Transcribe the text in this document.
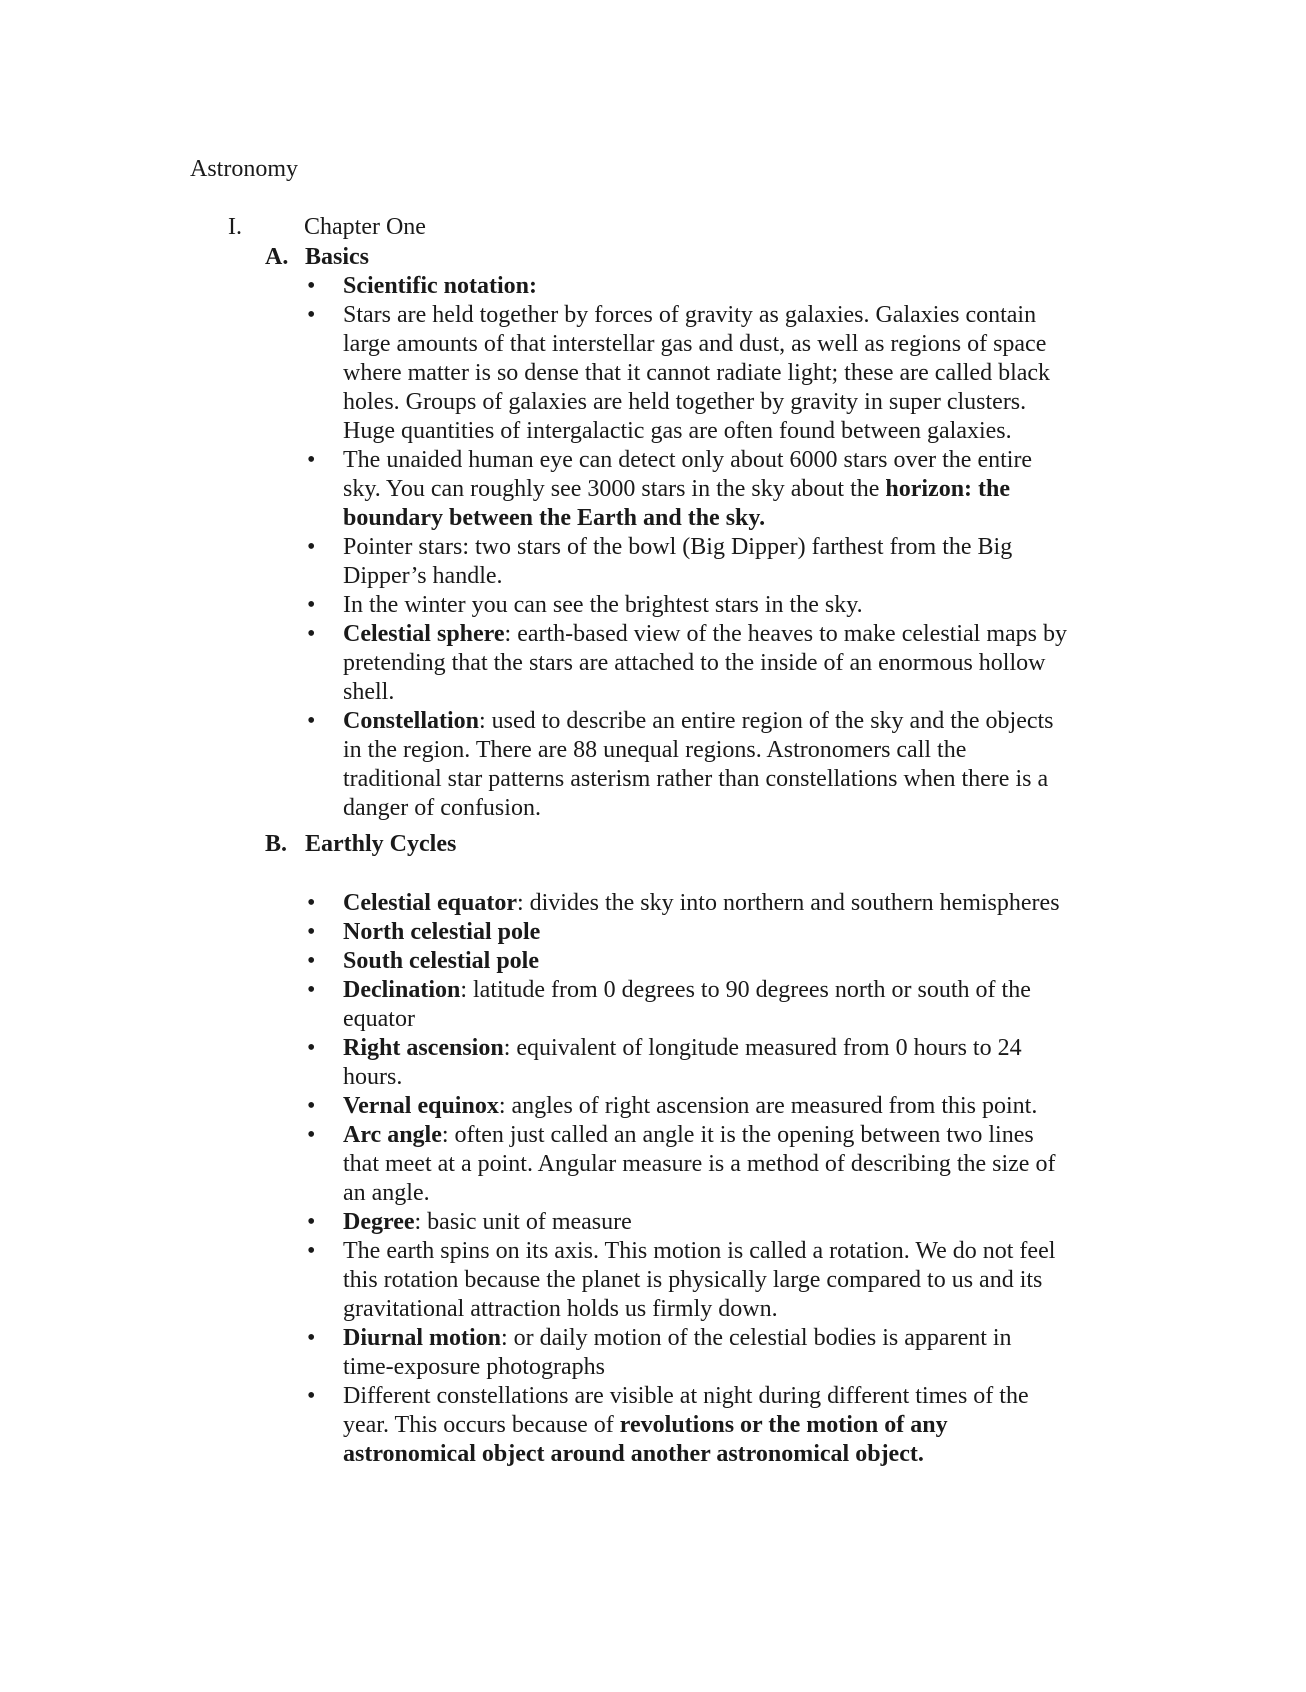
Astronomy
I.	Chapter One
A. Basics
•	Scientific notation:
•	Stars are held together by forces of gravity as galaxies. Galaxies contain large amounts of that interstellar gas and dust, as well as regions of space where matter is so dense that it cannot radiate light; these are called black holes. Groups of galaxies are held together by gravity in super clusters. Huge quantities of intergalactic gas are often found between galaxies.
•	The unaided human eye can detect only about 6000 stars over the entire sky. You can roughly see 3000 stars in the sky about the horizon: the boundary between the Earth and the sky.
•	Pointer stars: two stars of the bowl (Big Dipper) farthest from the Big Dipper’s handle.
•	In the winter you can see the brightest stars in the sky.
•	Celestial sphere: earth-based view of the heaves to make celestial maps by pretending that the stars are attached to the inside of an enormous hollow shell.
•	Constellation: used to describe an entire region of the sky and the objects in the region. There are 88 unequal regions. Astronomers call the traditional star patterns asterism rather than constellations when there is a danger of confusion.
B. Earthly Cycles
•	Celestial equator: divides the sky into northern and southern hemispheres
•	North celestial pole
•	South celestial pole
•	Declination: latitude from 0 degrees to 90 degrees north or south of the equator
•	Right ascension: equivalent of longitude measured from 0 hours to 24 hours.
•	Vernal equinox: angles of right ascension are measured from this point.
•	Arc angle: often just called an angle it is the opening between two lines that meet at a point. Angular measure is a method of describing the size of an angle.
•	Degree: basic unit of measure
•	The earth spins on its axis. This motion is called a rotation. We do not feel this rotation because the planet is physically large compared to us and its gravitational attraction holds us firmly down.
•	Diurnal motion: or daily motion of the celestial bodies is apparent in time-exposure photographs
•	Different constellations are visible at night during different times of the year. This occurs because of revolutions or the motion of any astronomical object around another astronomical object.
